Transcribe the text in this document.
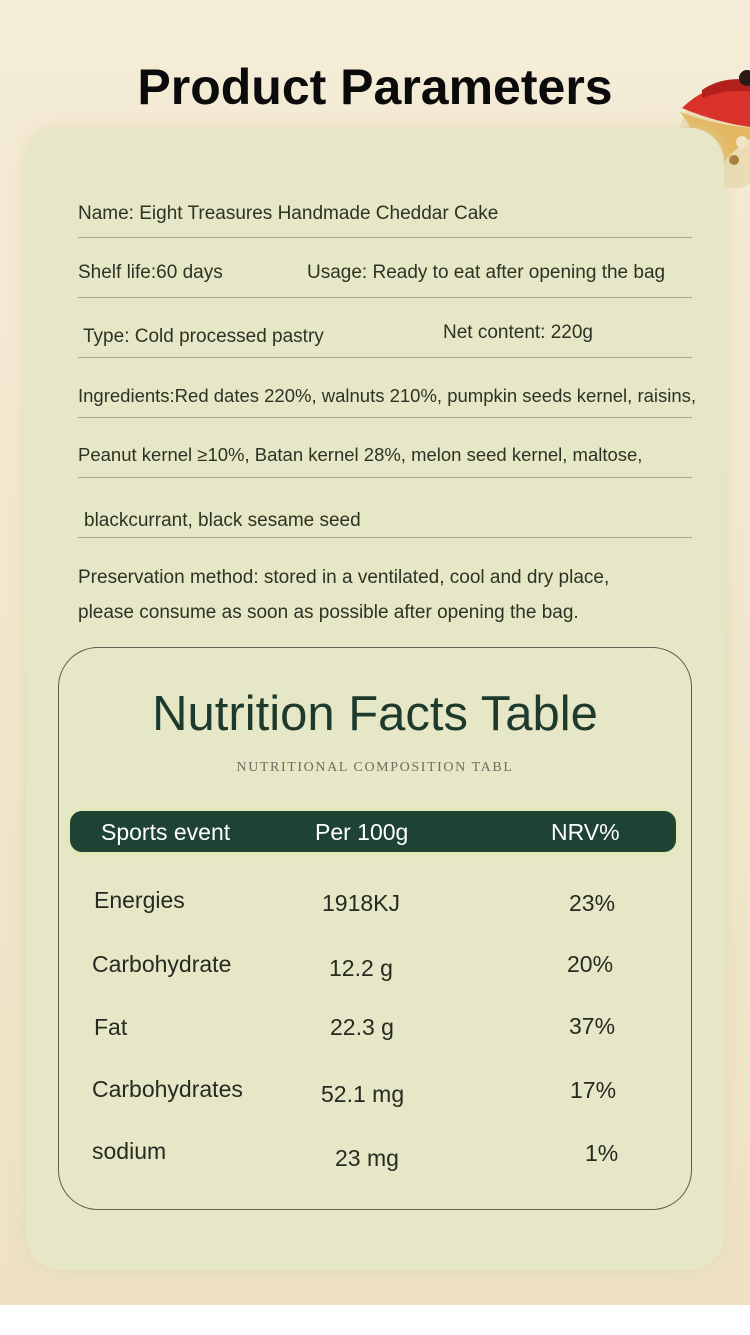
Product Parameters
Name: Eight Treasures Handmade Cheddar Cake
Shelf life:60 days	Usage: Ready to eat after opening the bag
Type: Cold processed pastry	Net content: 220g
Ingredients:Red dates 220%, walnuts 210%, pumpkin seeds kernel, raisins,
Peanut kernel ≥10%, Batan kernel 28%, melon seed kernel, maltose,
blackcurrant, black sesame seed
Preservation method: stored in a ventilated, cool and dry place,
please consume as soon as possible after opening the bag.
Nutrition Facts Table
NUTRITIONAL COMPOSITION TABL
Sports event	Per 100g	NRV%
Energies	1918KJ	23%
Carbohydrate	12.2 g	20%
Fat	22.3 g	37%
Carbohydrates	52.1 mg	17%
sodium	23 mg	1%
